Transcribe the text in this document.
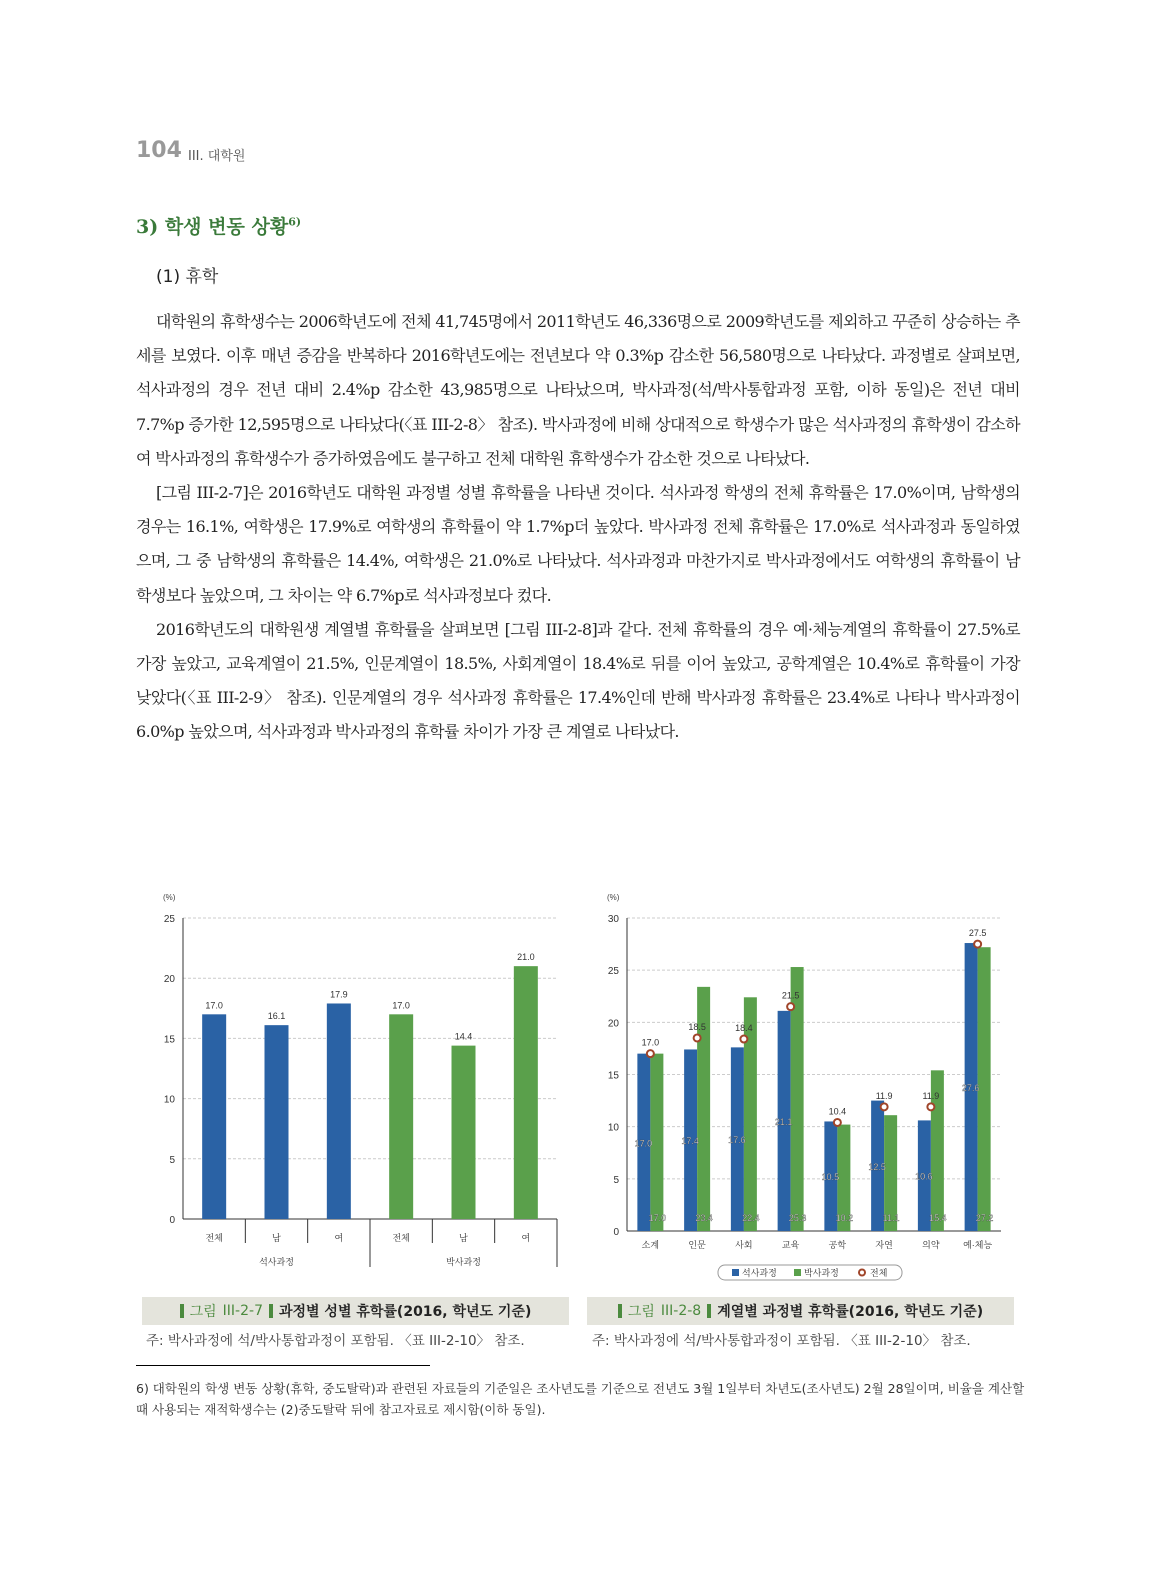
104 III. 대학원
3) 학생 변동 상황$^{6)}$
(1) 휴학

대학원의 휴학생수는 2006학년도에 전체 41,745명에서 2011학년도 46,336명으로 2009학년도를 제외하고 꾸준히 상승하는 추세를 보였다. 이후 매년 증감을 반복하다 2016학년도에는 전년보다 약 0.3%p 감소한 56,580명으로 나타났다. 과정별로 살펴보면, 석사과정의 경우 전년 대비 2.4%p 감소한 43,985명으로 나타났으며, 박사과정(석/박사통합과정 포함, 이하 동일)은 전년 대비 7.7%p 증가한 12,595명으로 나타났다(〈표 III-2-8〉 참조). 박사과정에 비해 상대적으로 학생수가 많은 석사과정의 휴학생이 감소하여 박사과정의 휴학생수가 증가하였음에도 불구하고 전체 대학원 휴학생수가 감소한 것으로 나타났다.

[그림 III-2-7]은 2016학년도 대학원 과정별 성별 휴학률을 나타낸 것이다. 석사과정 학생의 전체 휴학률은 17.0%이며, 남학생의 경우는 16.1%, 여학생은 17.9%로 여학생의 휴학률이 약 1.7%p더 높았다. 박사과정 전체 휴학률은 17.0%로 석사과정과 동일하였으며, 그 중 남학생의 휴학률은 14.4%, 여학생은 21.0%로 나타났다. 석사과정과 마찬가지로 박사과정에서도 여학생의 휴학률이 남학생보다 높았으며, 그 차이는 약 6.7%p로 석사과정보다 컸다.

2016학년도의 대학원생 계열별 휴학률을 살펴보면 [그림 III-2-8]과 같다. 전체 휴학률의 경우 예·체능계열의 휴학률이 27.5%로 가장 높았고, 교육계열이 21.5%, 인문계열이 18.5%, 사회계열이 18.4%로 뒤를 이어 높았고, 공학계열은 10.4%로 휴학률이 가장 낮았다(〈표 III-2-9〉 참조). 인문계열의 경우 석사과정 휴학률은 17.4%인데 반해 박사과정 휴학률은 23.4%로 나타나 박사과정이 6.0%p 높았으며, 석사과정과 박사과정의 휴학률 차이가 가장 큰 계열로 나타났다.

(%)
0
5
10
15
20
25
17.0
전체
16.1
남
17.9
여
17.0
전체
14.4
남
21.0
여
석사과정	박사과정
(%)
0
5
10
15
20
25
30
17.0
17.0
17.0
소계
17.4
23.4
18.5
인문
17.6
22.4
18.4
사회
21.1
25.3
21.5
교육
10.5
10.2
10.4
공학
12.5
11.1
11.9
자연
10.6
15.4
11.9
의약
27.6
27.2
27.5
예·체능
석사과정	박사과정	전체
그림 III-2-7 과정별 성별 휴학률(2016, 학년도 기준)
주: 박사과정에 석/박사통합과정이 포함됨. 〈표 III-2-10〉 참조.
그림 III-2-8 계열별 과정별 휴학률(2016, 학년도 기준)
주: 박사과정에 석/박사통합과정이 포함됨. 〈표 III-2-10〉 참조.
6) 대학원의 학생 변동 상황(휴학, 중도탈락)과 관련된 자료들의 기준일은 조사년도를 기준으로 전년도 3월 1일부터 차년도(조사년도) 2월 28일이며, 비율을 계산할 때 사용되는 재적학생수는 (2)중도탈락 뒤에 참고자료로 제시함(이하 동일).
